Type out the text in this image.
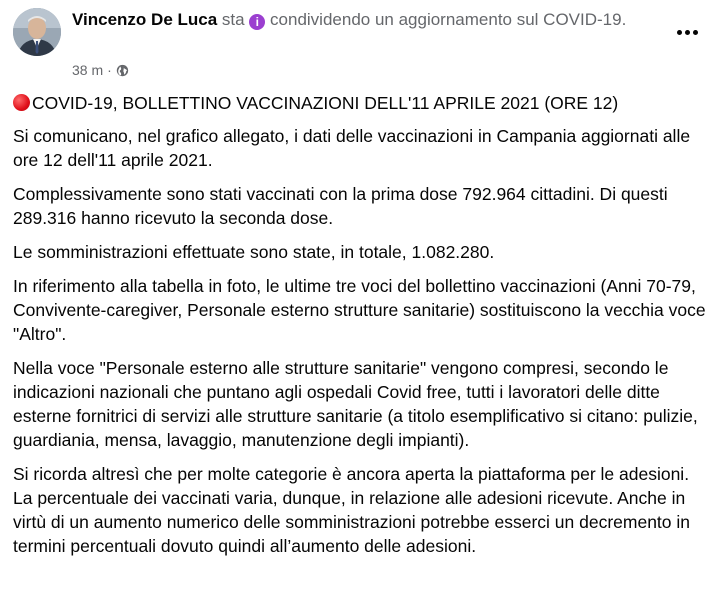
Vincenzo De Luca sta i condividendo un aggiornamento sul COVID-19.
38 m ·

COVID-19, BOLLETTINO VACCINAZIONI DELL'11 APRILE 2021 (ORE 12)

Si comunicano, nel grafico allegato, i dati delle vaccinazioni in Campania aggiornati alle ore 12 dell'11 aprile 2021.

Complessivamente sono stati vaccinati con la prima dose 792.964 cittadini. Di questi 289.316 hanno ricevuto la seconda dose.

Le somministrazioni effettuate sono state, in totale, 1.082.280.

In riferimento alla tabella in foto, le ultime tre voci del bollettino vaccinazioni (Anni 70-79, Convivente-caregiver, Personale esterno strutture sanitarie) sostituiscono la vecchia voce "Altro".

Nella voce "Personale esterno alle strutture sanitarie" vengono compresi, secondo le indicazioni nazionali che puntano agli ospedali Covid free, tutti i lavoratori delle ditte esterne fornitrici di servizi alle strutture sanitarie (a titolo esemplificativo si citano: pulizie, guardiania, mensa, lavaggio, manutenzione degli impianti).

Si ricorda altresì che per molte categorie è ancora aperta la piattaforma per le adesioni. La percentuale dei vaccinati varia, dunque, in relazione alle adesioni ricevute. Anche in virtù di un aumento numerico delle somministrazioni potrebbe esserci un decremento in termini percentuali dovuto quindi all’aumento delle adesioni.
